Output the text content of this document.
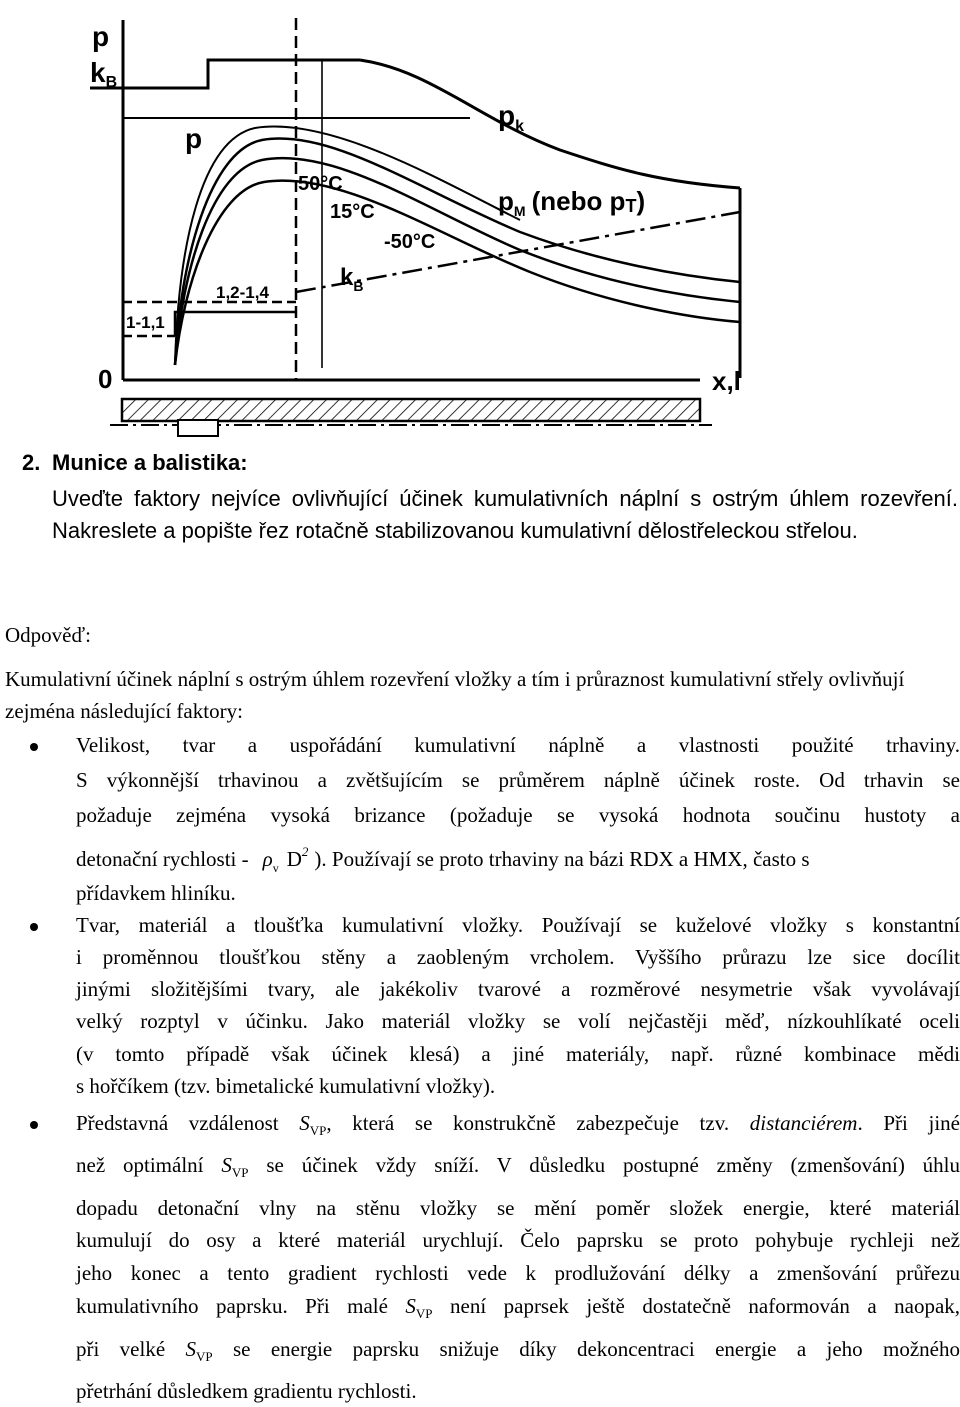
p
kB
p
$p_k$
$p_M$ (nebo pT)
50°C
15°C
-50°C
$k_B$
1,2-1,4
1-1,1
0	x,l
2. Munice a balistika:
Uveďte faktory nejvíce ovlivňující účinek kumulativních náplní s ostrým úhlem rozevření. Nakreslete a popište řez rotačně stabilizovanou kumulativní dělostřeleckou střelou.
Odpověď:
Kumulativní účinek náplní s ostrým úhlem rozevření vložky a tím i průraznost kumulativní střely ovlivňují zejména následující faktory:
Velikost, tvar a uspořádání kumulativní náplně a vlastnosti použité trhaviny.
S výkonnější trhavinou a zvětšujícím se průměrem náplně účinek roste. Od trhavin se
požaduje zejména vysoká brizance (požaduje se vysoká hodnota součinu hustoty a
detonační rychlosti - $\rho_v$ $D^2$ ). Používají se proto trhaviny na bázi RDX a HMX, často s
přídavkem hliníku.
Tvar, materiál a tloušťka kumulativní vložky. Používají se kuželové vložky s konstantní
i proměnnou tloušťkou stěny a zaobleným vrcholem. Vyššího průrazu lze sice docílit
jinými složitějšími tvary, ale jakékoliv tvarové a rozměrové nesymetrie však vyvolávají
velký rozptyl v účinku. Jako materiál vložky se volí nejčastěji měď, nízkouhlíkaté oceli
(v tomto případě však účinek klesá) a jiné materiály, např. různé kombinace mědi
s hořčíkem (tzv. bimetalické kumulativní vložky).
Představná vzdálenost $S_{VP}$, která se konstrukčně zabezpečuje tzv. distanciérem. Při jiné
než optimální $S_{VP}$ se účinek vždy sníží. V důsledku postupné změny (zmenšování) úhlu
dopadu detonační vlny na stěnu vložky se mění poměr složek energie, které materiál
kumulují do osy a které materiál urychlují. Čelo paprsku se proto pohybuje rychleji než
jeho konec a tento gradient rychlosti vede k prodlužování délky a zmenšování průřezu
kumulativního paprsku. Při malé $S_{VP}$ není paprsek ještě dostatečně naformován a naopak,
při velké $S_{VP}$ se energie paprsku snižuje díky dekoncentraci energie a jeho možného
přetrhání důsledkem gradientu rychlosti.
